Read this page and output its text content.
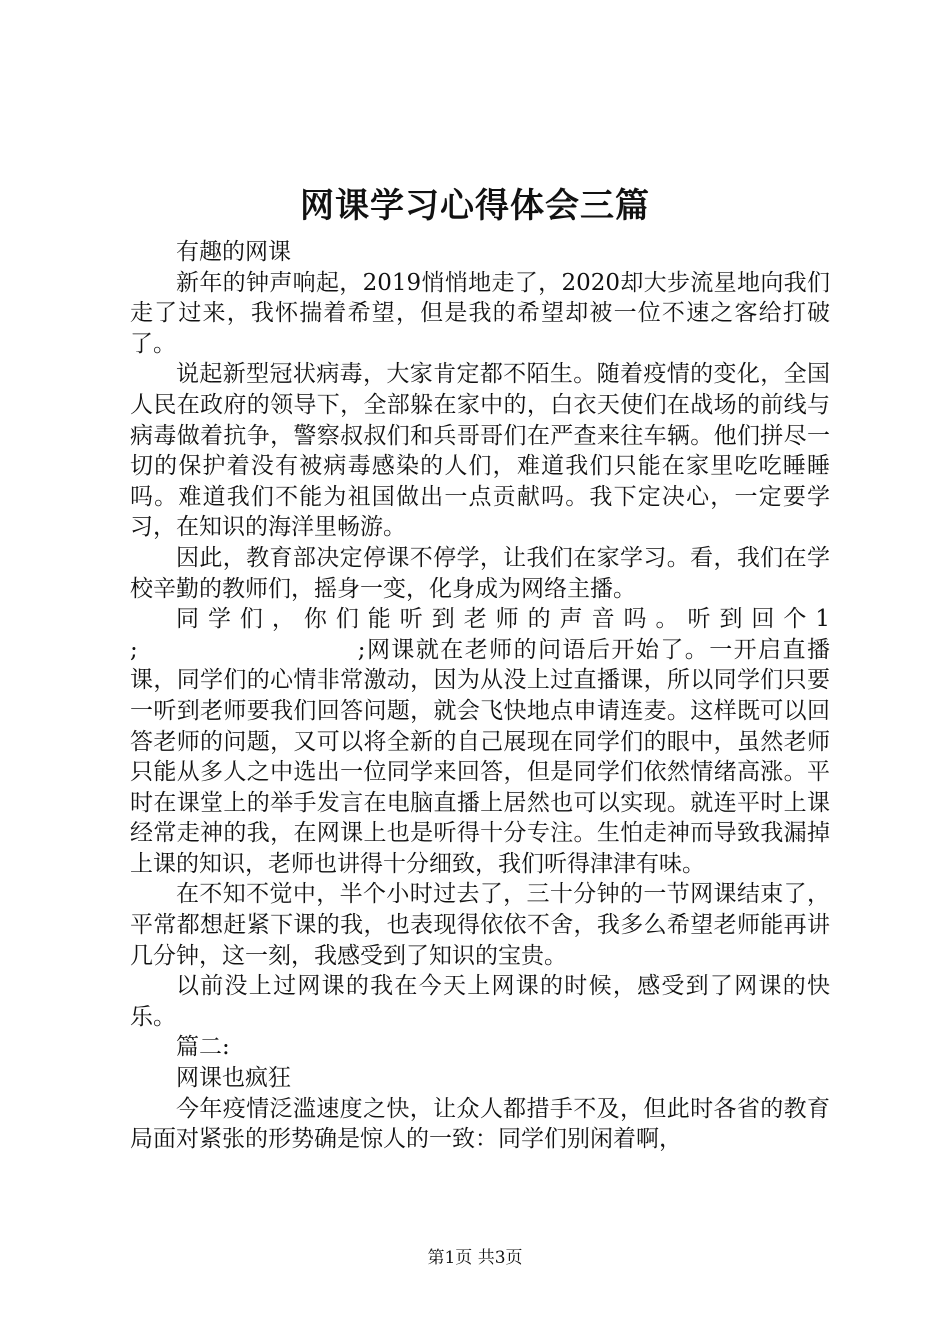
网课学习心得体会三篇

有趣的网课

新年的钟声响起，2019悄悄地走了，2020却大步流星地向我们走了过来，我怀揣着希望，但是我的希望却被一位不速之客给打破了。

说起新型冠状病毒，大家肯定都不陌生。随着疫情的变化，全国人民在政府的领导下，全部躲在家中的，白衣天使们在战场的前线与病毒做着抗争，警察叔叔们和兵哥哥们在严查来往车辆。他们拼尽一切的保护着没有被病毒感染的人们，难道我们只能在家里吃吃睡睡吗。难道我们不能为祖国做出一点贡献吗。我下定决心，一定要学习，在知识的海洋里畅游。

因此，教育部决定停课不停学，让我们在家学习。看，我们在学校辛勤的教师们，摇身一变，化身成为网络主播。

同学们，你们能听到老师的声音吗。听到回个1

;	;网课就在老师的问语后开始了。一开启直播课，同学们的心情非常激动，因为从没上过直播课，所以同学们只要一听到老师要我们回答问题，就会飞快地点申请连麦。这样既可以回答老师的问题，又可以将全新的自己展现在同学们的眼中，虽然老师只能从多人之中选出一位同学来回答，但是同学们依然情绪高涨。平时在课堂上的举手发言在电脑直播上居然也可以实现。就连平时上课经常走神的我，在网课上也是听得十分专注。生怕走神而导致我漏掉上课的知识，老师也讲得十分细致，我们听得津津有味。

在不知不觉中，半个小时过去了，三十分钟的一节网课结束了，平常都想赶紧下课的我，也表现得依依不舍，我多么希望老师能再讲几分钟，这一刻，我感受到了知识的宝贵。

以前没上过网课的我在今天上网课的时候，感受到了网课的快乐。

篇二:

网课也疯狂

今年疫情泛滥速度之快，让众人都措手不及，但此时各省的教育局面对紧张的形势确是惊人的一致：同学们别闲着啊，

第1页 共3页
